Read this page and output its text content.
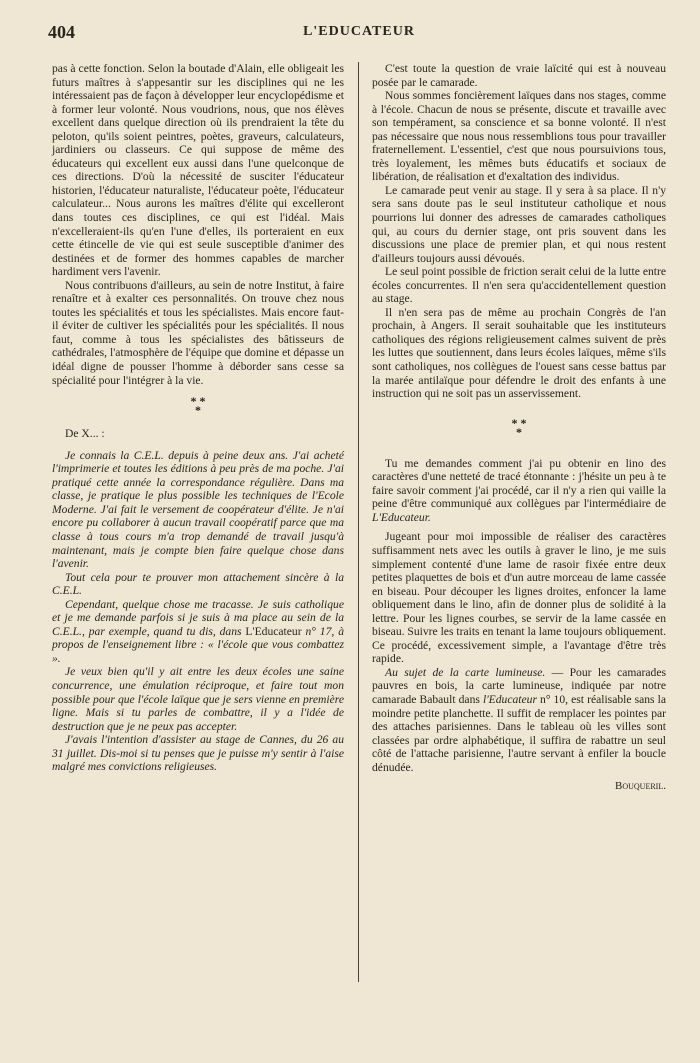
404	L'EDUCATEUR

pas à cette fonction. Selon la boutade d'Alain, elle obligeait les futurs maîtres à s'appesantir sur les disciplines qui ne les intéressaient pas de façon à développer leur encyclopédisme et à former leur volonté. Nous voudrions, nous, que nos élèves excellent dans quelque direction où ils prendraient la tête du peloton, qu'ils soient peintres, poètes, graveurs, calculateurs, jardiniers ou classeurs. Ce qui suppose de même des éducateurs qui excellent eux aussi dans l'une quelconque de ces directions. D'où la nécessité de susciter l'éducateur historien, l'éducateur naturaliste, l'éducateur poète, l'éducateur calculateur... Nous aurons les maîtres d'élite qui excelleront dans toutes ces disciplines, ce qui est l'idéal. Mais n'excelleraient-ils qu'en l'une d'elles, ils porteraient en eux cette étincelle de vie qui est seule susceptible d'animer des destinées et de former des hommes capables de marcher hardiment vers l'avenir.

Nous contribuons d'ailleurs, au sein de notre Institut, à faire renaître et à exalter ces personnalités. On trouve chez nous toutes les spécialités et tous les spécialistes. Mais encore faut-il éviter de cultiver les spécialités pour les spécialités. Il nous faut, comme à tous les spécialistes des bâtisseurs de cathédrales, l'atmosphère de l'équipe que domine et dépasse un idéal digne de pousser l'homme à déborder sans cesse sa spécialité pour l'intégrer à la vie.

* *
*

De X... :

Je connais la C.E.L. depuis à peine deux ans. J'ai acheté l'imprimerie et toutes les éditions à peu près de ma poche. J'ai pratiqué cette année la correspondance régulière. Dans ma classe, je pratique le plus possible les techniques de l'Ecole Moderne. J'ai fait le versement de coopérateur d'élite. Je n'ai encore pu collaborer à aucun travail coopératif parce que ma classe à tous cours m'a trop demandé de travail jusqu'à maintenant, mais je compte bien faire quelque chose dans l'avenir.

Tout cela pour te prouver mon attachement sincère à la C.E.L.

Cependant, quelque chose me tracasse. Je suis catholique et je me demande parfois si je suis à ma place au sein de la C.E.L., par exemple, quand tu dis, dans L'Educateur n° 17, à propos de l'enseignement libre : « l'école que vous combattez ».

Je veux bien qu'il y ait entre les deux écoles une saine concurrence, une émulation réciproque, et faire tout mon possible pour que l'école laïque que je sers vienne en première ligne. Mais si tu parles de combattre, il y a l'idée de destruction que je ne peux pas accepter.

J'avais l'intention d'assister au stage de Cannes, du 26 au 31 juillet. Dis-moi si tu penses que je puisse m'y sentir à l'aise malgré mes convictions religieuses.

C'est toute la question de vraie laïcité qui est à nouveau posée par le camarade.

Nous sommes foncièrement laïques dans nos stages, comme à l'école. Chacun de nous se présente, discute et travaille avec son tempérament, sa conscience et sa bonne volonté. Il n'est pas nécessaire que nous nous ressemblions tous pour travailler fraternellement. L'essentiel, c'est que nous poursuivions tous, très loyalement, les mêmes buts éducatifs et sociaux de libération, de réalisation et d'exaltation des individus.

Le camarade peut venir au stage. Il y sera à sa place. Il n'y sera sans doute pas le seul instituteur catholique et nous pourrions lui donner des adresses de camarades catholiques qui, au cours du dernier stage, ont pris souvent dans les discussions une place de premier plan, et qui nous restent d'ailleurs toujours aussi dévoués.

Le seul point possible de friction serait celui de la lutte entre écoles concurrentes. Il n'en sera qu'accidentellement question au stage.

Il n'en sera pas de même au prochain Congrès de l'an prochain, à Angers. Il serait souhaitable que les instituteurs catholiques des régions religieusement calmes suivent de près les luttes que soutiennent, dans leurs écoles laïques, même s'ils sont catholiques, nos collègues de l'ouest sans cesse battus par la marée antilaïque pour défendre le droit des enfants à une instruction qui ne soit pas un asservissement.

* *
*

Tu me demandes comment j'ai pu obtenir en lino des caractères d'une netteté de tracé étonnante : j'hésite un peu à te faire savoir comment j'ai procédé, car il n'y a rien qui vaille la peine d'être communiqué aux collègues par l'intermédiaire de L'Educateur.

Jugeant pour moi impossible de réaliser des caractères suffisamment nets avec les outils à graver le lino, je me suis simplement contenté d'une lame de rasoir fixée entre deux petites plaquettes de bois et d'un autre morceau de lame cassée en biseau. Pour découper les lignes droites, enfoncer la lame obliquement dans le lino, afin de donner plus de solidité à la lettre. Pour les lignes courbes, se servir de la lame cassée en biseau. Suivre les traits en tenant la lame toujours obliquement. Ce procédé, excessivement simple, a l'avantage d'être très rapide.

Au sujet de la carte lumineuse. — Pour les camarades pauvres en bois, la carte lumineuse, indiquée par notre camarade Babault dans l'Educateur n° 10, est réalisable sans la moindre petite planchette. Il suffit de remplacer les pointes par des attaches parisiennes. Dans le tableau où les villes sont classées par ordre alphabétique, il suffira de rabattre un seul côté de l'attache parisienne, l'autre servant à enfiler la boucle dénudée.

Bouqueril.
